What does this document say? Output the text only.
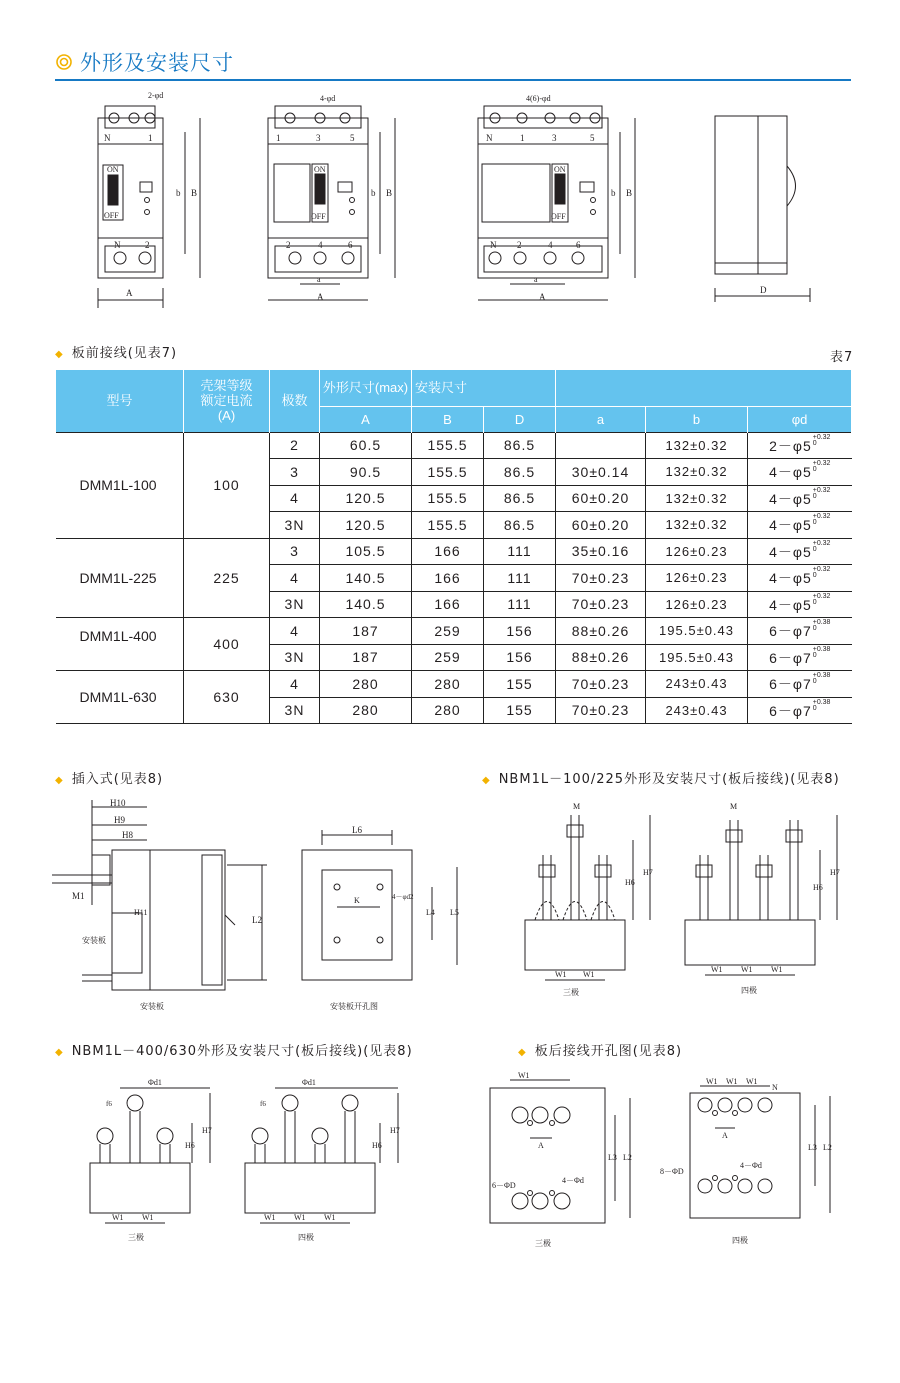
外形及安装尺寸
N	1
N	2
ON
OFF
2-φd
A
b B
1	3	5
2	4	6
ON
OFF
4-φd
A
a
b B
N	1	3	5
N 2	4	6
ON
OFF
4(6)-φd
A
a
b B
D
◆ 板前接线(见表7)	表7
型号	壳架等级
额定电流
(A)	极数	外形尺寸(max)	安装尺寸				
			A	B	D	a	b	φd
DMM1L-100	100	2	60.5	155.5	86.5		132±0.32	$2-\varphi 5^{+0.32 0}$
		3	90.5	155.5	86.5	30±0.14	132±0.32	$4-\varphi 5^{+0.32 0}$
		4	120.5	155.5	86.5	60±0.20	132±0.32	$4-\varphi 5^{+0.32 0}$
		3N	120.5	155.5	86.5	60±0.20	132±0.32	$4-\varphi 5^{+0.32 0}$
DMM1L-225	225	3	105.5	166	111	35±0.16	126±0.23	$4-\varphi 5^{+0.32 0}$
		4	140.5	166	111	70±0.23	126±0.23	$4-\varphi 5^{+0.32 0}$
		3N	140.5	166	111	70±0.23	126±0.23	$4-\varphi 5^{+0.32 0}$
DMM1L-400	400	4	187	259	156	88±0.26	195.5±0.43	$6-\varphi 7^{+0.38 0}$
		3N	187	259	156	88±0.26	195.5±0.43	$6-\varphi 7^{+0.38 0}$
DMM1L-630	630	4	280	280	155	70±0.23	243±0.43	$6-\varphi 7^{+0.38 0}$
		3N	280	280	155	70±0.23	243±0.43	$6-\varphi 7^{+0.38 0}$
◆ 插入式(见表8)
H10
H9
H8
M1
H11
L2
安装板
安装板
L6
K	4－φd2
L4 L5
安装板开孔图
◆ NBM1L－100/225外形及安装尺寸(板后接线)(见表8)
M
H6
H7
W1 W1
三极
M
H6
H7
W1 W1 W1
四极
◆ NBM1L－400/630外形及安装尺寸(板后接线)(见表8)
Φd1
f6
H6
H7
W1 W1
三极
Φd1
f6
H6
H7
W1 W1 W1
四极
◆ 板后接线开孔图(见表8)
W1
A
L3 L2
6－ΦD
4－Φd
三极
W1 W1 W1
N
A
L3 L2
8－ΦD
4－Φd
四极
